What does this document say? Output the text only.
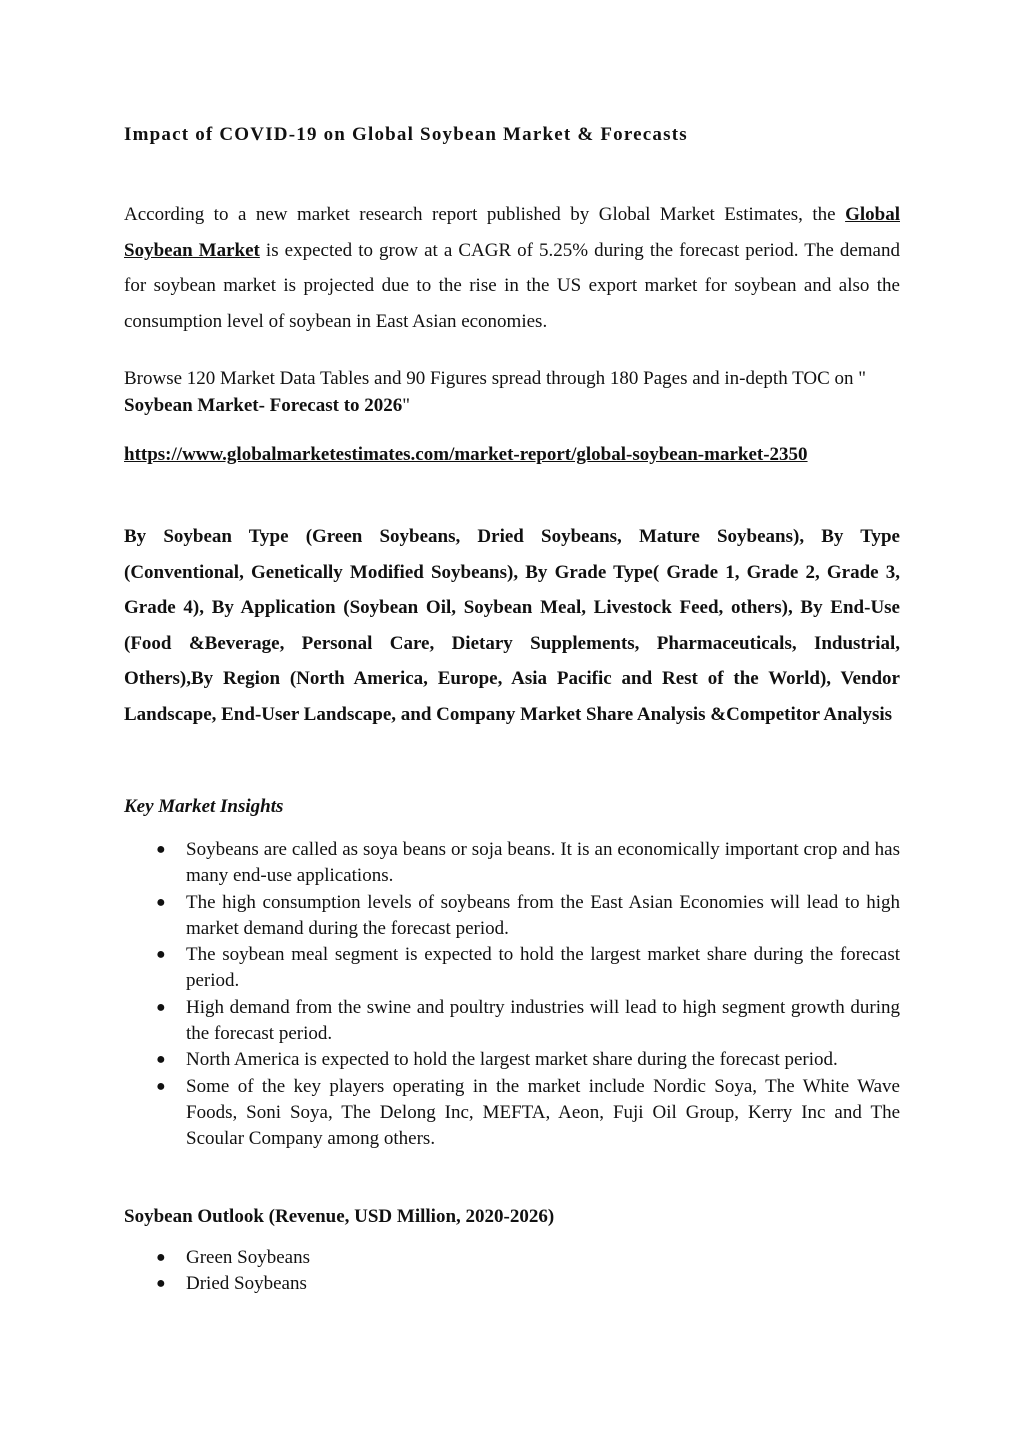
Impact of COVID-19 on Global Soybean Market & Forecasts

According to a new market research report published by Global Market Estimates, the Global Soybean Market is expected to grow at a CAGR of 5.25% during the forecast period. The demand for soybean market is projected due to the rise in the US export market for soybean and also the consumption level of soybean in East Asian economies.

Browse 120 Market Data Tables and 90 Figures spread through 180 Pages and in-depth TOC on " Soybean Market- Forecast to 2026"

https://www.globalmarketestimates.com/market-report/global-soybean-market-2350

By Soybean Type (Green Soybeans, Dried Soybeans, Mature Soybeans), By Type (Conventional, Genetically Modified Soybeans), By Grade Type( Grade 1, Grade 2, Grade 3, Grade 4), By Application (Soybean Oil, Soybean Meal, Livestock Feed, others), By End-Use (Food &Beverage, Personal Care, Dietary Supplements, Pharmaceuticals, Industrial, Others),By Region (North America, Europe, Asia Pacific and Rest of the World), Vendor Landscape, End-User Landscape, and Company Market Share Analysis &Competitor Analysis

Key Market Insights
● Soybeans are called as soya beans or soja beans. It is an economically important crop and has many end-use applications.
● The high consumption levels of soybeans from the East Asian Economies will lead to high market demand during the forecast period.
● The soybean meal segment is expected to hold the largest market share during the forecast period.
● High demand from the swine and poultry industries will lead to high segment growth during the forecast period.
● North America is expected to hold the largest market share during the forecast period.
● Some of the key players operating in the market include Nordic Soya, The White Wave Foods, Soni Soya, The Delong Inc, MEFTA, Aeon, Fuji Oil Group, Kerry Inc and The Scoular Company among others.
Soybean Outlook (Revenue, USD Million, 2020-2026)
● Green Soybeans
● Dried Soybeans
